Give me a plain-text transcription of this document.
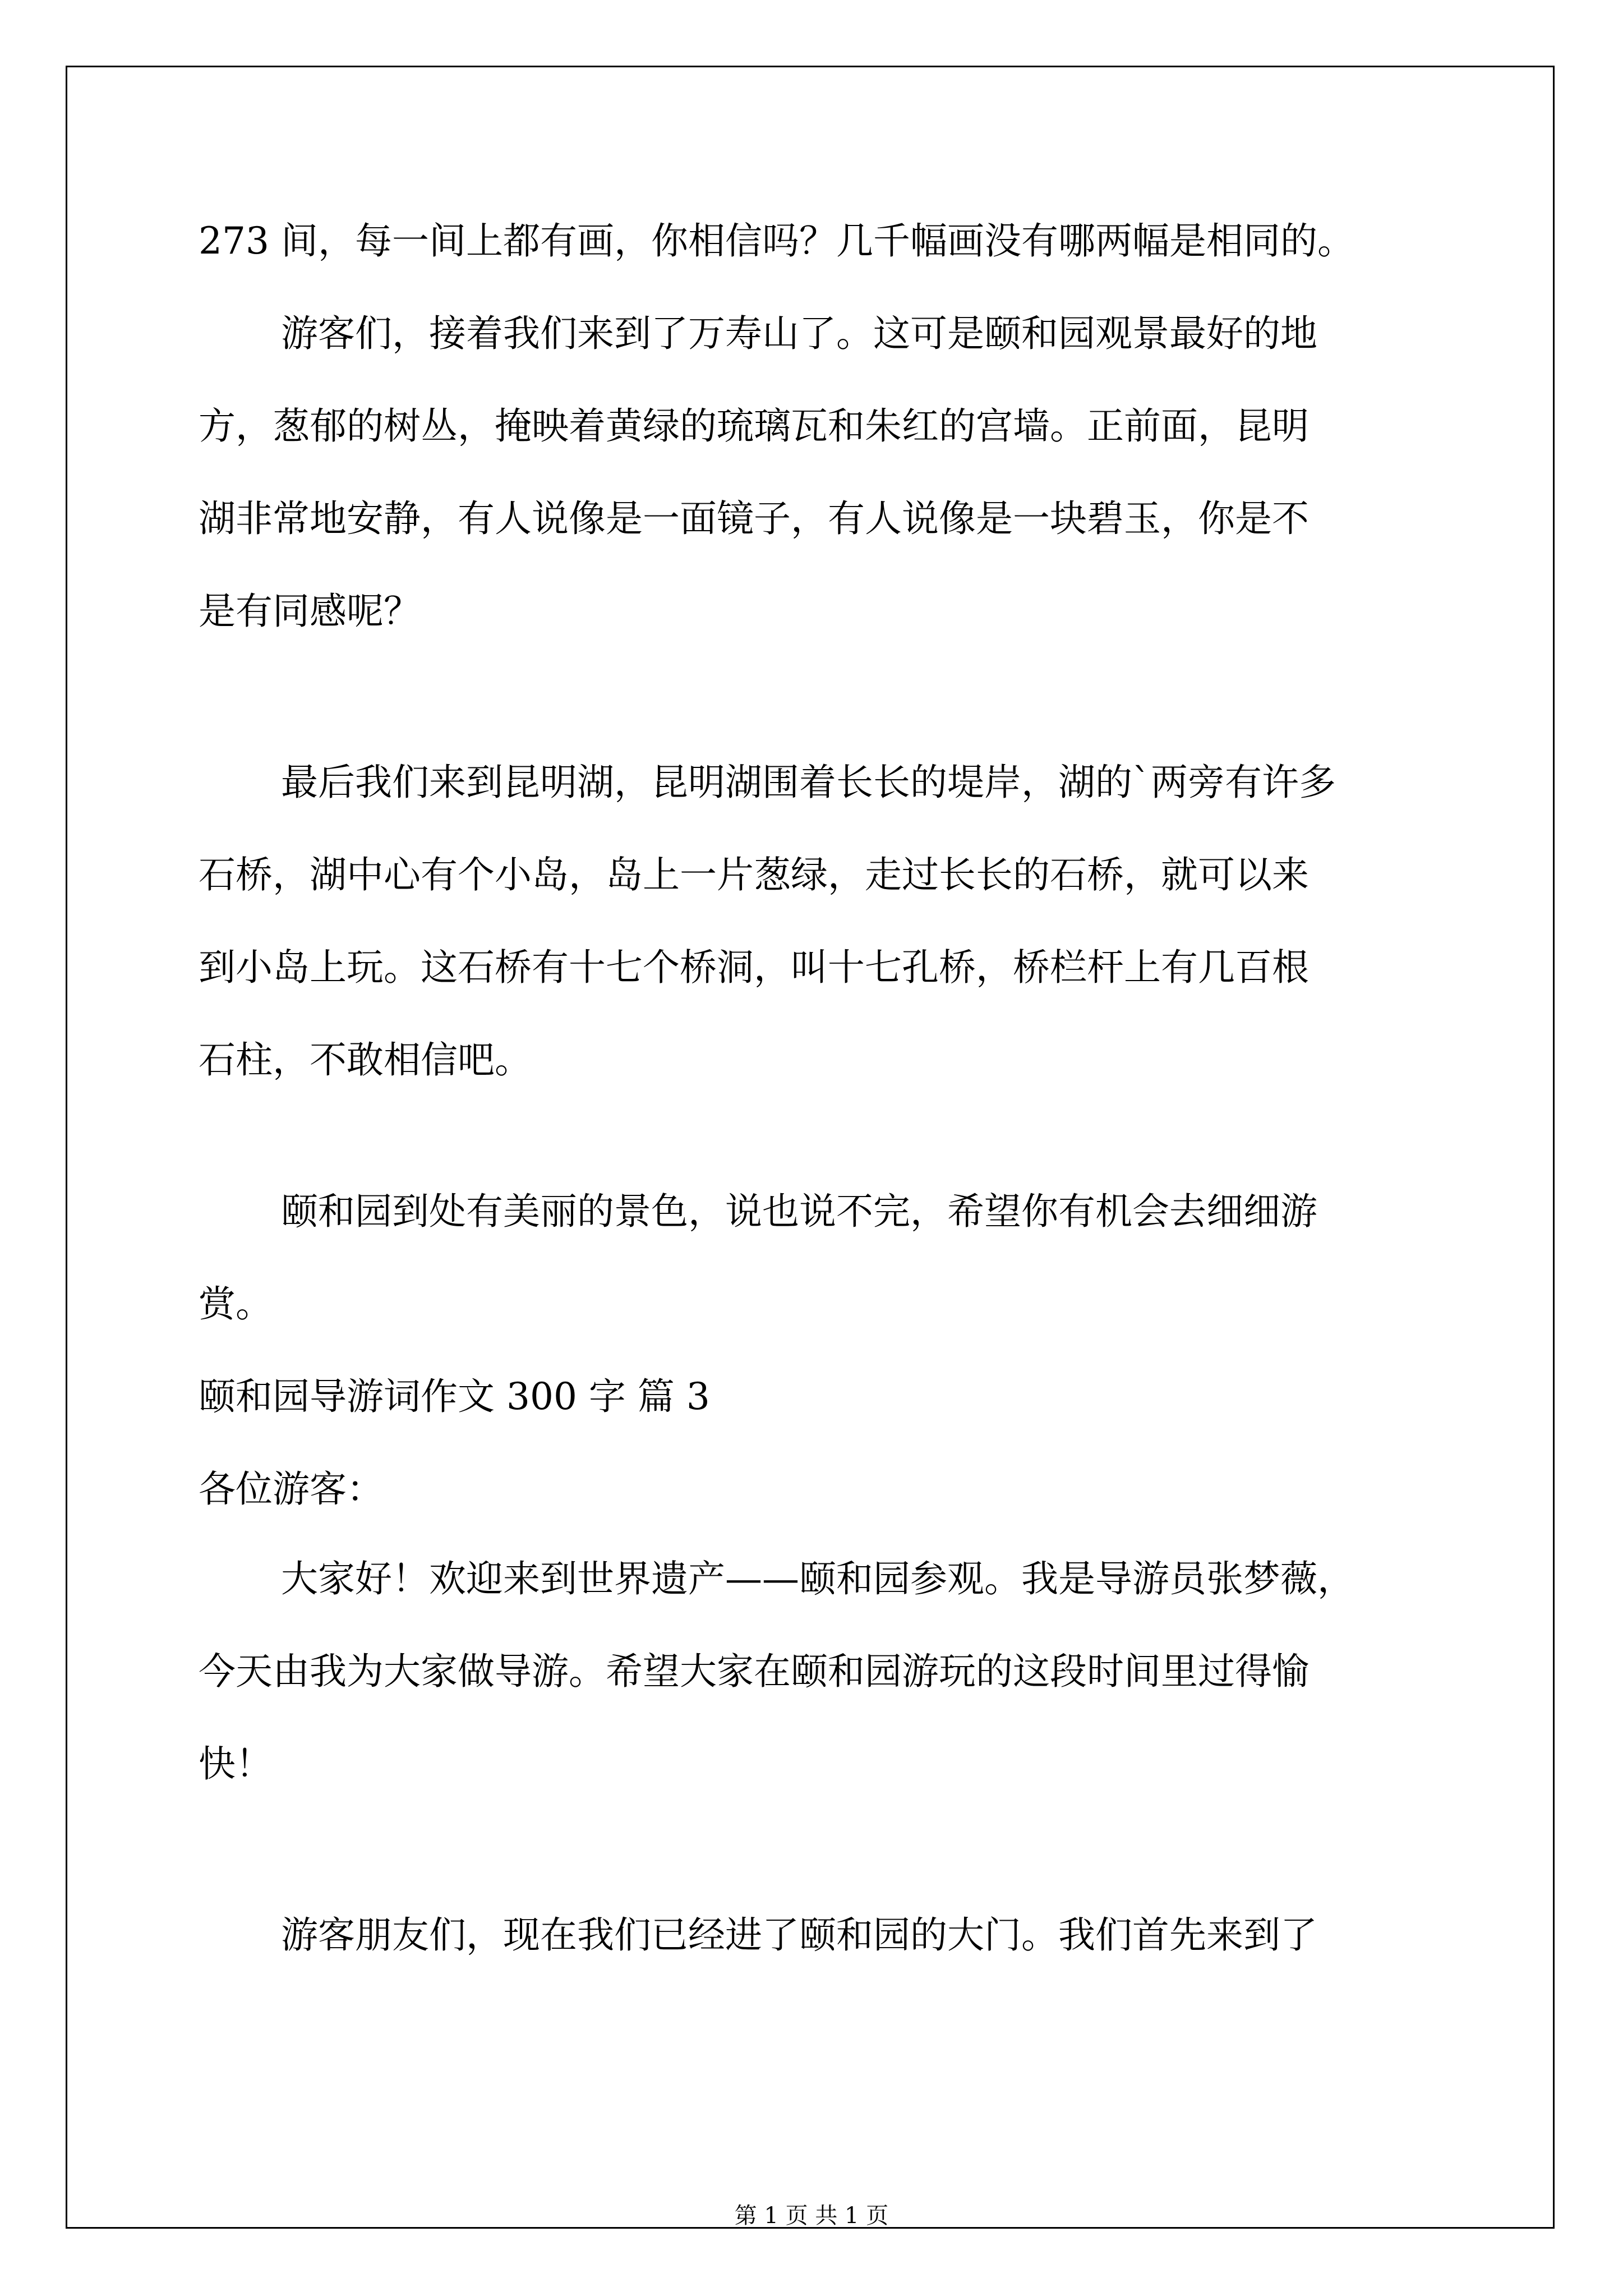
273 间，每一间上都有画，你相信吗？几千幅画没有哪两幅是相同的。
游客们，接着我们来到了万寿山了。这可是颐和园观景最好的地
方，葱郁的树丛，掩映着黄绿的琉璃瓦和朱红的宫墙。正前面，昆明
湖非常地安静，有人说像是一面镜子，有人说像是一块碧玉，你是不
是有同感呢？
最后我们来到昆明湖，昆明湖围着长长的堤岸，湖的`两旁有许多
石桥，湖中心有个小岛，岛上一片葱绿，走过长长的石桥，就可以来
到小岛上玩。这石桥有十七个桥洞，叫十七孔桥，桥栏杆上有几百根
石柱，不敢相信吧。
颐和园到处有美丽的景色，说也说不完，希望你有机会去细细游
赏。
颐和园导游词作文 300 字 篇 3
各位游客：
大家好！欢迎来到世界遗产——颐和园参观。我是导游员张梦薇，
今天由我为大家做导游。希望大家在颐和园游玩的这段时间里过得愉
快！
游客朋友们，现在我们已经进了颐和园的大门。我们首先来到了
第 1 页 共 1 页
